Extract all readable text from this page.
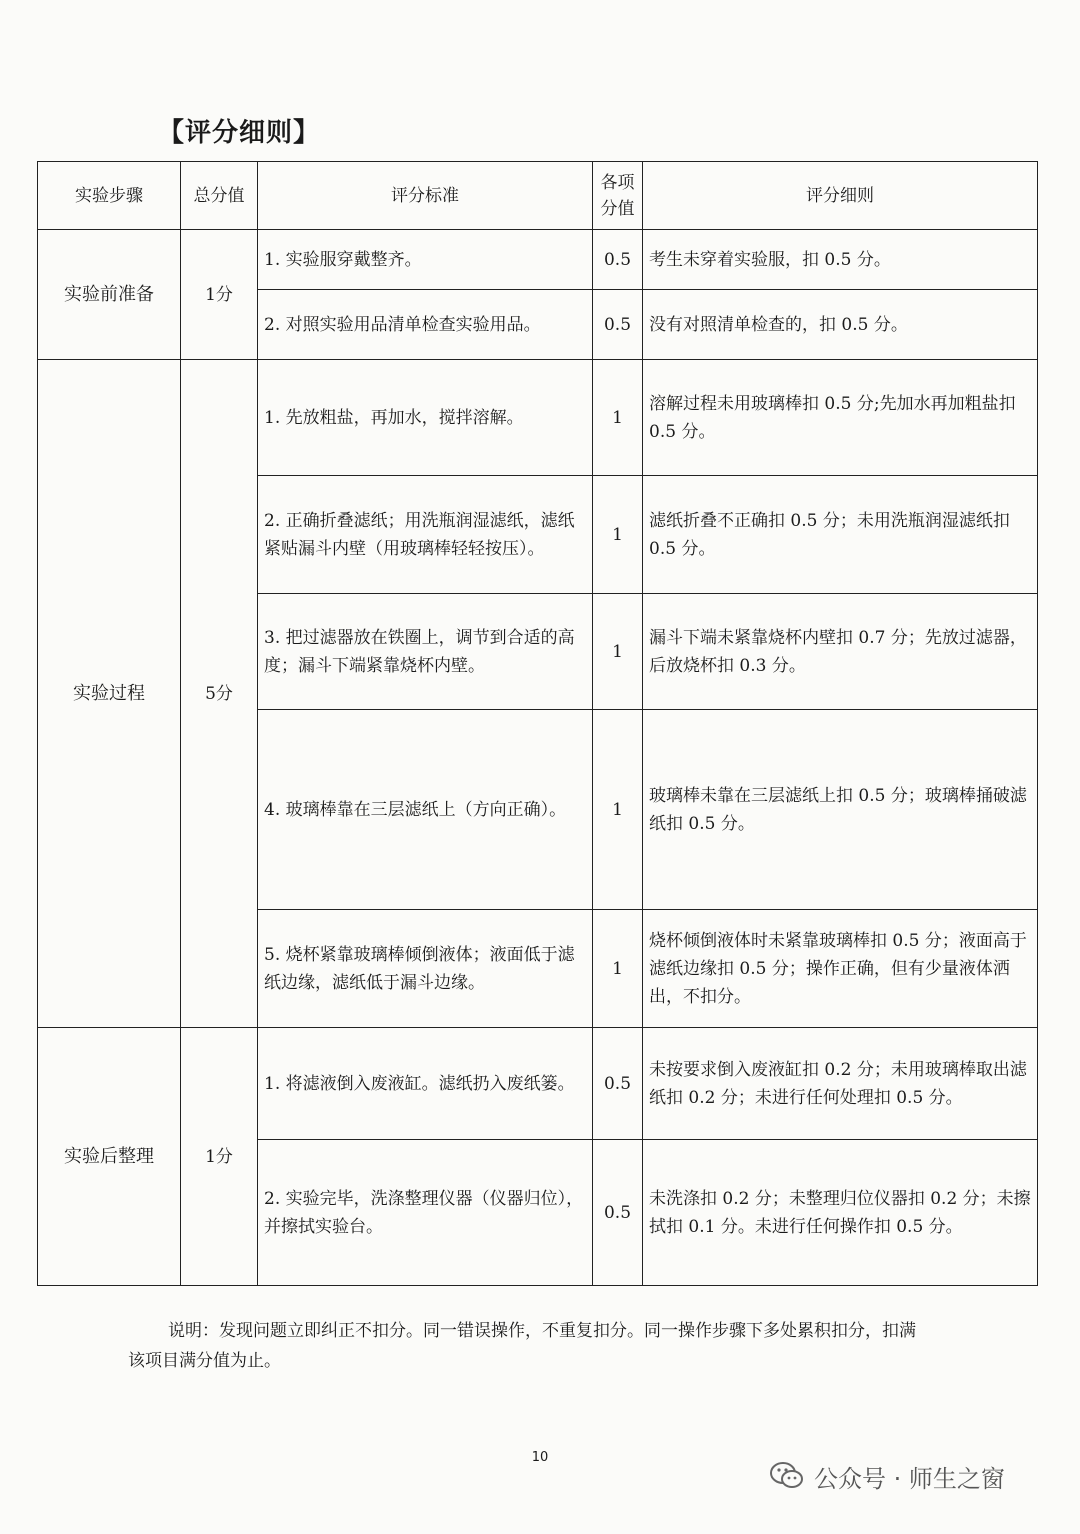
【评分细则】
实验步骤	总分值	评分标准	各项分值	评分细则
实验前准备	1分	1. 实验服穿戴整齐。	0.5	考生未穿着实验服，扣 0.5 分。
		2. 对照实验用品清单检查实验用品。	0.5	没有对照清单检查的，扣 0.5 分。
实验过程	5分	1. 先放粗盐，再加水，搅拌溶解。	1	溶解过程未用玻璃棒扣 0.5 分;先加水再加粗盐扣 0.5 分。
		2. 正确折叠滤纸；用洗瓶润湿滤纸，滤纸紧贴漏斗内壁（用玻璃棒轻轻按压）。	1	滤纸折叠不正确扣 0.5 分；未用洗瓶润湿滤纸扣 0.5 分。
		3. 把过滤器放在铁圈上，调节到合适的高度；漏斗下端紧靠烧杯内壁。	1	漏斗下端未紧靠烧杯内壁扣 0.7 分；先放过滤器，后放烧杯扣 0.3 分。
		4. 玻璃棒靠在三层滤纸上（方向正确）。	1	玻璃棒未靠在三层滤纸上扣 0.5 分；玻璃棒捅破滤纸扣 0.5 分。
		5. 烧杯紧靠玻璃棒倾倒液体；液面低于滤纸边缘，滤纸低于漏斗边缘。	1	烧杯倾倒液体时未紧靠玻璃棒扣 0.5 分；液面高于滤纸边缘扣 0.5 分；操作正确，但有少量液体洒出，不扣分。
实验后整理	1分	1. 将滤液倒入废液缸。滤纸扔入废纸篓。	0.5	未按要求倒入废液缸扣 0.2 分；未用玻璃棒取出滤纸扣 0.2 分；未进行任何处理扣 0.5 分。
		2. 实验完毕，洗涤整理仪器（仪器归位），并擦拭实验台。	0.5	未洗涤扣 0.2 分；未整理归位仪器扣 0.2 分；未擦拭扣 0.1 分。未进行任何操作扣 0.5 分。
说明：发现问题立即纠正不扣分。同一错误操作，不重复扣分。同一操作步骤下多处累积扣分，扣满该项目满分值为止。
10
公众号 · 师生之窗
